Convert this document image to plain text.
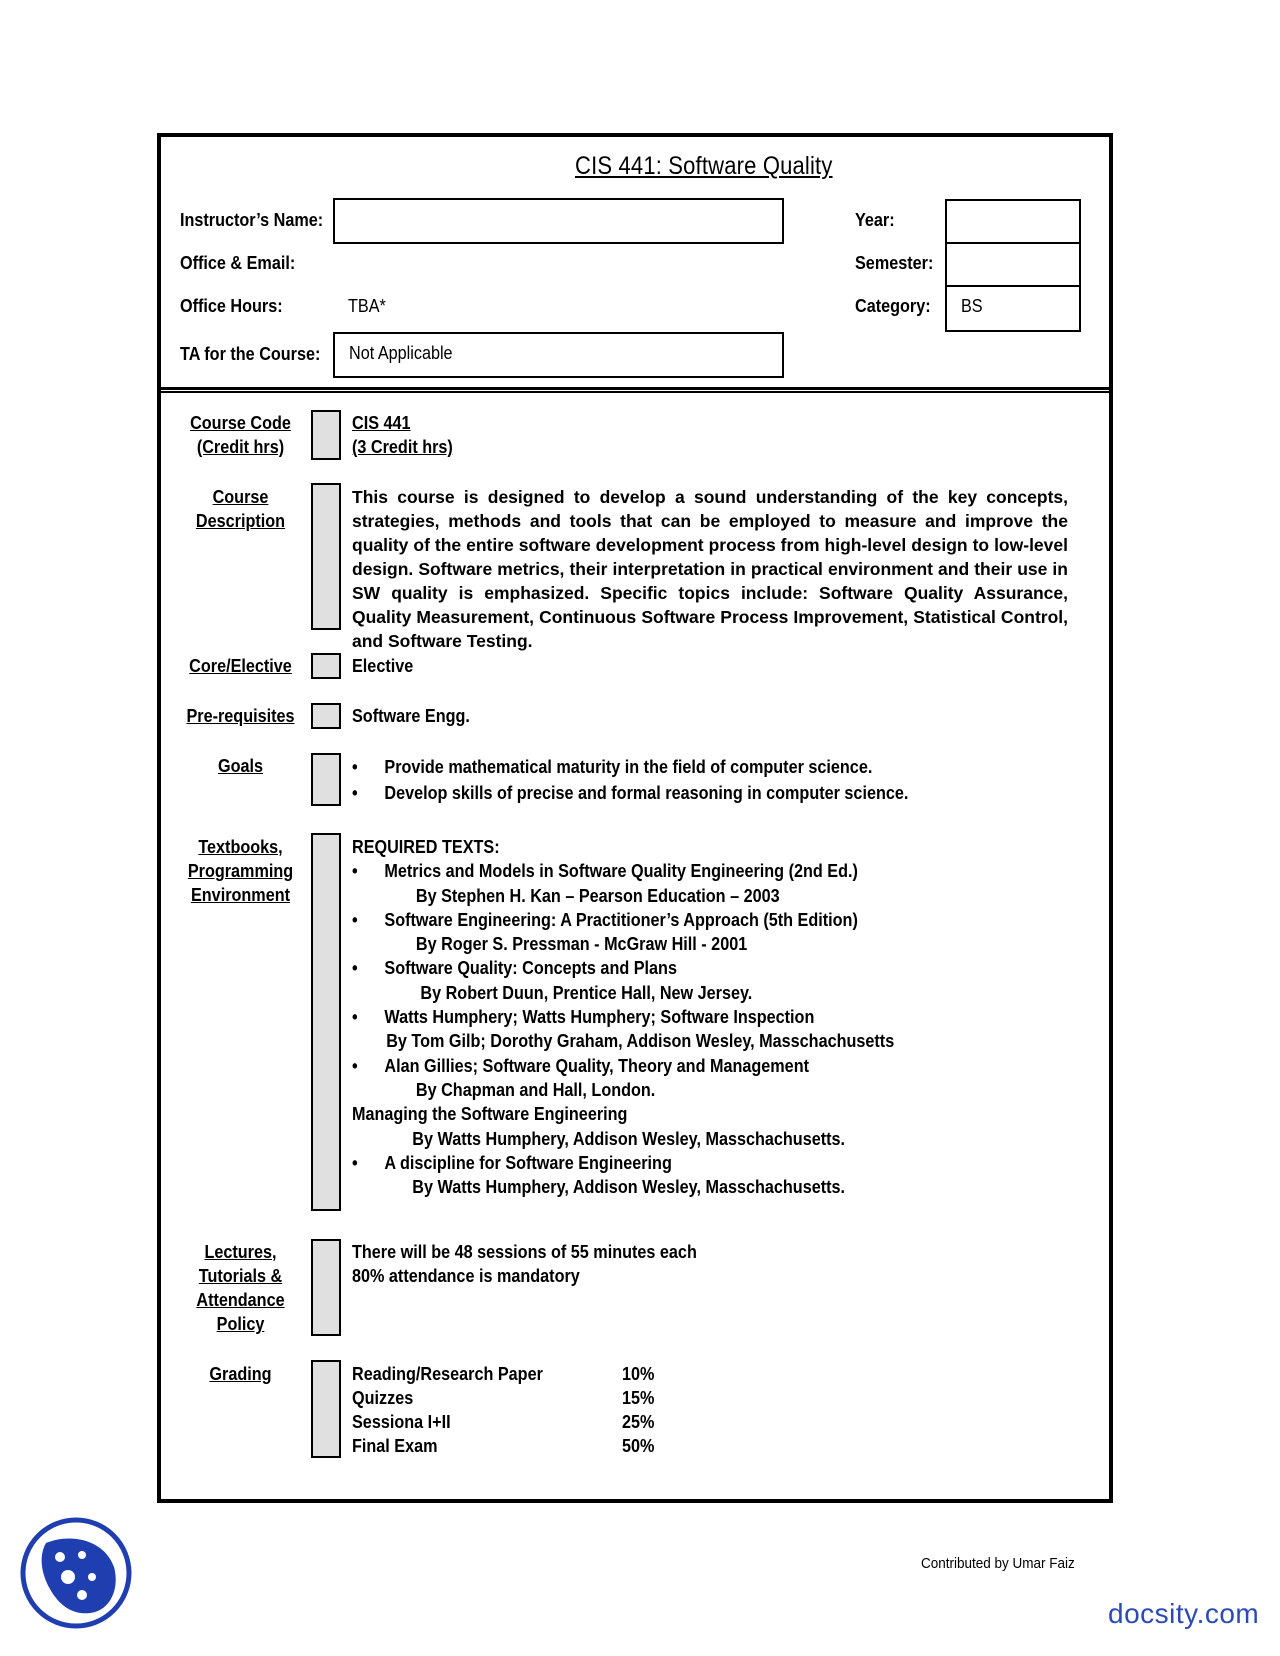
CIS 441: Software Quality
Instructor’s Name:
Office & Email:
Office Hours:	TBA*
TA for the Course: Not Applicable
Year:
Semester:
Category: BS
Course Code
(Credit hrs)
CIS 441
(3 Credit hrs)
Course
Description
This course is designed to develop a sound understanding of the key concepts, strategies, methods and tools that can be employed to measure and improve the quality of the entire software development process from high-level design to low-level design. Software metrics, their interpretation in practical environment and their use in SW quality is emphasized. Specific topics include: Software Quality Assurance, Quality Measurement, Continuous Software Process Improvement, Statistical Control, and Software Testing.
Core/Elective	Elective
Pre-requisites	Software Engg.
Goals
•	Provide mathematical maturity in the field of computer science.
• Develop skills of precise and formal reasoning in computer science.
Textbooks,
Programming
Environment
REQUIRED TEXTS:
• Metrics and Models in Software Quality Engineering (2nd Ed.)
By Stephen H. Kan – Pearson Education – 2003
• Software Engineering: A Practitioner’s Approach (5th Edition)
By Roger S. Pressman - McGraw Hill - 2001
• Software Quality: Concepts and Plans
By Robert Duun, Prentice Hall, New Jersey.
• Watts Humphery; Watts Humphery; Software Inspection
By Tom Gilb; Dorothy Graham, Addison Wesley, Masschachusetts
• Alan Gillies; Software Quality, Theory and Management
By Chapman and Hall, London.
Managing the Software Engineering
By Watts Humphery, Addison Wesley, Masschachusetts.
• A discipline for Software Engineering
By Watts Humphery, Addison Wesley, Masschachusetts.
Lectures,
Tutorials &
Attendance
Policy
There will be 48 sessions of 55 minutes each
80% attendance is mandatory
Grading	Reading/Research Paper	10%
Quizzes	15%
Sessiona I+II	25%
Final Exam	50%
Contributed by Umar Faiz
docsity.com
